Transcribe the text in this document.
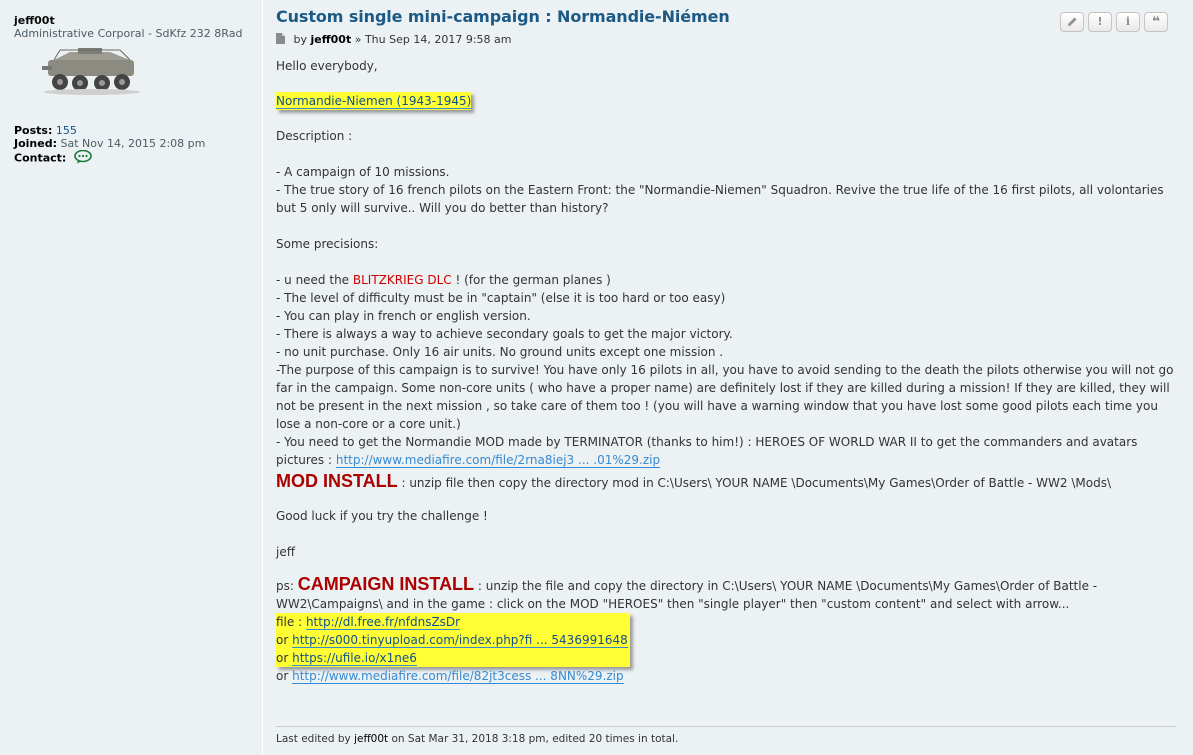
jeff00t
Administrative Corporal - SdKfz 232 8Rad
Posts: 155
Joined: Sat Nov 14, 2015 2:08 pm
Contact:
Custom single mini-campaign : Normandie-Niémen	! i ❝
by jeff00t » Thu Sep 14, 2017 9:58 am

Hello everybody,

Normandie-Niemen (1943-1945)

Description :

- A campaign of 10 missions.

- The true story of 16 french pilots on the Eastern Front: the "Normandie-Niemen" Squadron. Revive the true life of the 16 first pilots, all volontaries but 5 only will survive.. Will you do better than history?

Some precisions:

- u need the BLITZKRIEG DLC ! (for the german planes )

- The level of difficulty must be in "captain" (else it is too hard or too easy)

- You can play in french or english version.

- There is always a way to achieve secondary goals to get the major victory.

- no unit purchase. Only 16 air units. No ground units except one mission .

-The purpose of this campaign is to survive! You have only 16 pilots in all, you have to avoid sending to the death the pilots otherwise you will not go far in the campaign. Some non-core units ( who have a proper name) are definitely lost if they are killed during a mission! If they are killed, they will not be present in the next mission , so take care of them too ! (you will have a warning window that you have lost some good pilots each time you lose a non-core or a core unit.)

- You need to get the Normandie MOD made by TERMINATOR (thanks to him!) : HEROES OF WORLD WAR II to get the commanders and avatars pictures : http://www.mediafire.com/file/2rna8iej3 ... .01%29.zip

MOD INSTALL : unzip file then copy the directory mod in C:\Users\ YOUR NAME \Documents\My Games\Order of Battle - WW2 \Mods\

Good luck if you try the challenge !

jeff

ps: CAMPAIGN INSTALL : unzip the file and copy the directory in C:\Users\ YOUR NAME \Documents\My Games\Order of Battle - WW2\Campaigns\ and in the game : click on the MOD "HEROES" then "single player" then "custom content" and select with arrow...

file : http://dl.free.fr/nfdnsZsDr

or http://s000.tinyupload.com/index.php?fi ... 5436991648

or https://ufile.io/x1ne6

or http://www.mediafire.com/file/82jt3cess ... 8NN%29.zip

Last edited by jeff00t on Sat Mar 31, 2018 3:18 pm, edited 20 times in total.
